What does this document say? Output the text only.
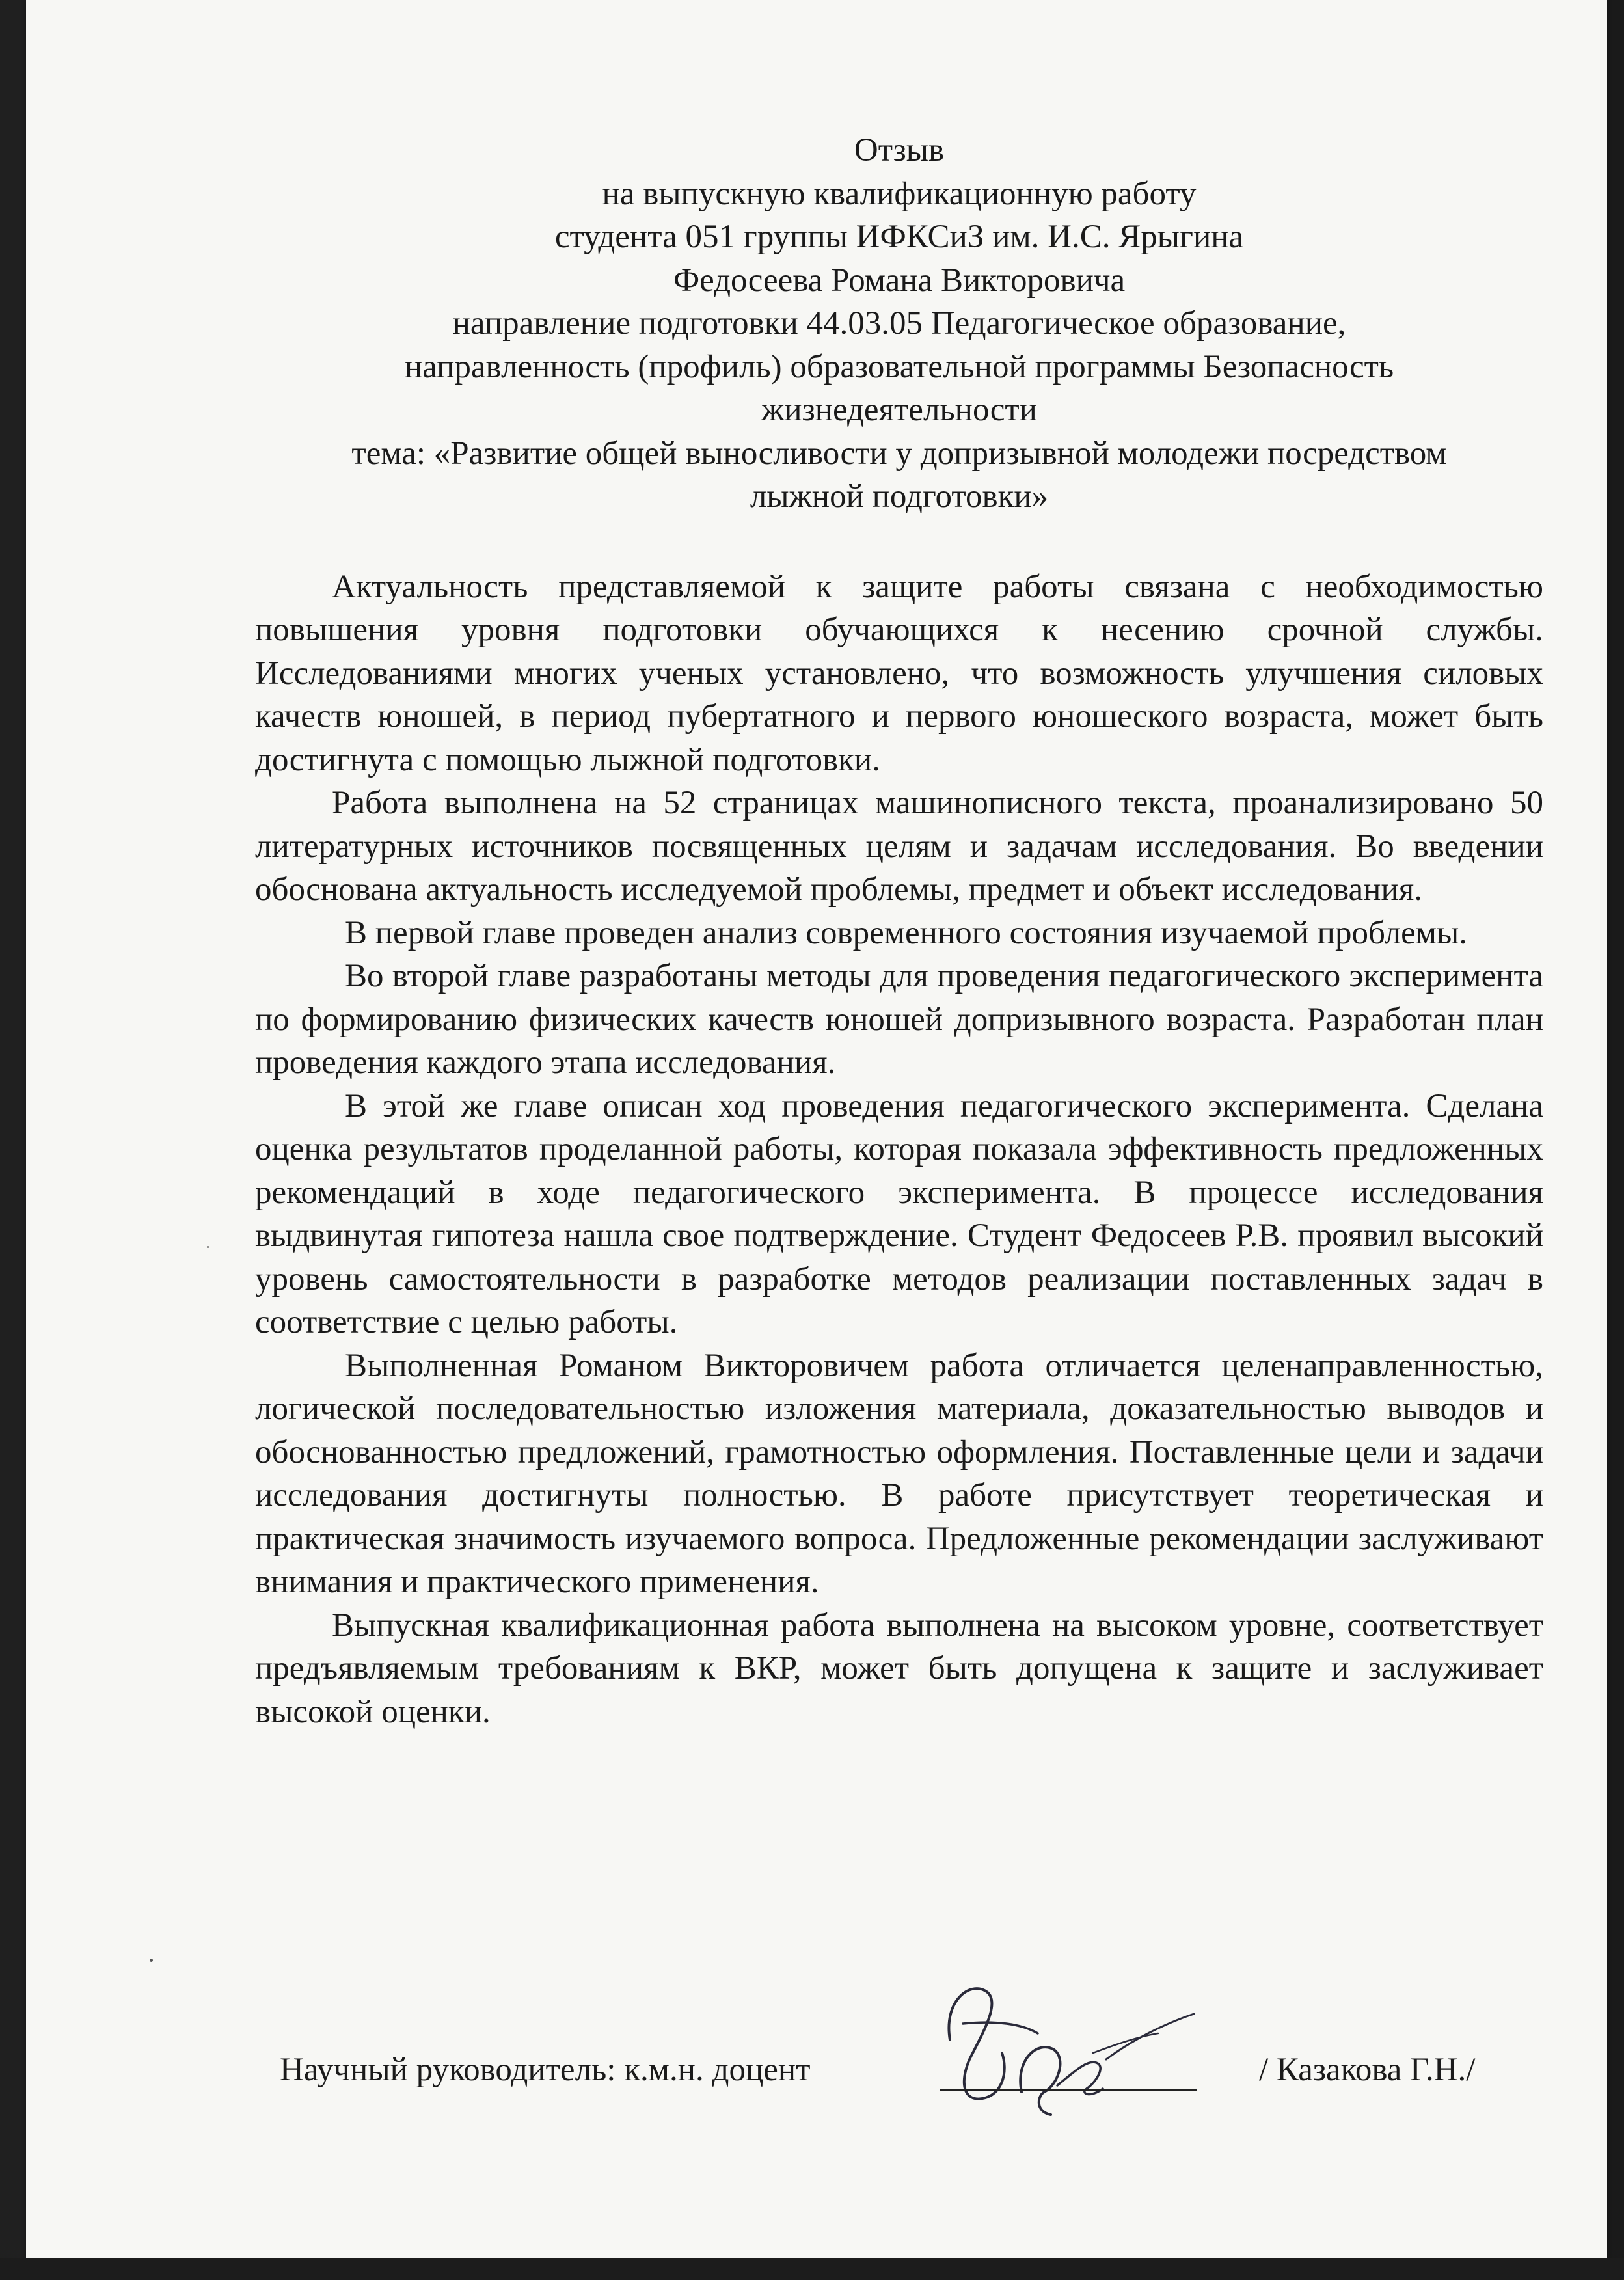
Отзыв
на выпускную квалификационную работу
студента 051 группы ИФКСиЗ им. И.С. Ярыгина
Федосеева Романа Викторовича
направление подготовки 44.03.05 Педагогическое образование,
направленность (профиль) образовательной программы Безопасность
жизнедеятельности
тема: «Развитие общей выносливости у допризывной молодежи посредством
лыжной подготовки»

Актуальность представляемой к защите работы связана с необходимостью повышения уровня подготовки обучающихся к несению срочной службы. Исследованиями многих ученых установлено, что возможность улучшения силовых качеств юношей, в период пубертатного и первого юношеского возраста, может быть достигнута с помощью лыжной подготовки.

Работа выполнена на 52 страницах машинописного текста, проанализировано 50 литературных источников посвященных целям и задачам исследования. Во введении обоснована актуальность исследуемой проблемы, предмет и объект исследования.

В первой главе проведен анализ современного состояния изучаемой проблемы.

Во второй главе разработаны методы для проведения педагогического эксперимента по формированию физических качеств юношей допризывного возраста. Разработан план проведения каждого этапа исследования.

В этой же главе описан ход проведения педагогического эксперимента. Сделана оценка результатов проделанной работы, которая показала эффективность предложенных рекомендаций в ходе педагогического эксперимента. В процессе исследования выдвинутая гипотеза нашла свое подтверждение. Студент Федосеев Р.В. проявил высокий уровень самостоятельности в разработке методов реализации поставленных задач в соответствие с целью работы.

Выполненная Романом Викторовичем работа отличается целенаправленностью, логической последовательностью изложения материала, доказательностью выводов и обоснованностью предложений, грамотностью оформления. Поставленные цели и задачи исследования достигнуты полностью. В работе присутствует теоретическая и практическая значимость изучаемого вопроса. Предложенные рекомендации заслуживают внимания и практического применения.

Выпускная квалификационная работа выполнена на высоком уровне, соответствует предъявляемым требованиям к ВКР, может быть допущена к защите и заслуживает высокой оценки.

Научный руководитель: к.м.н. доцент	/ Казакова Г.Н./
